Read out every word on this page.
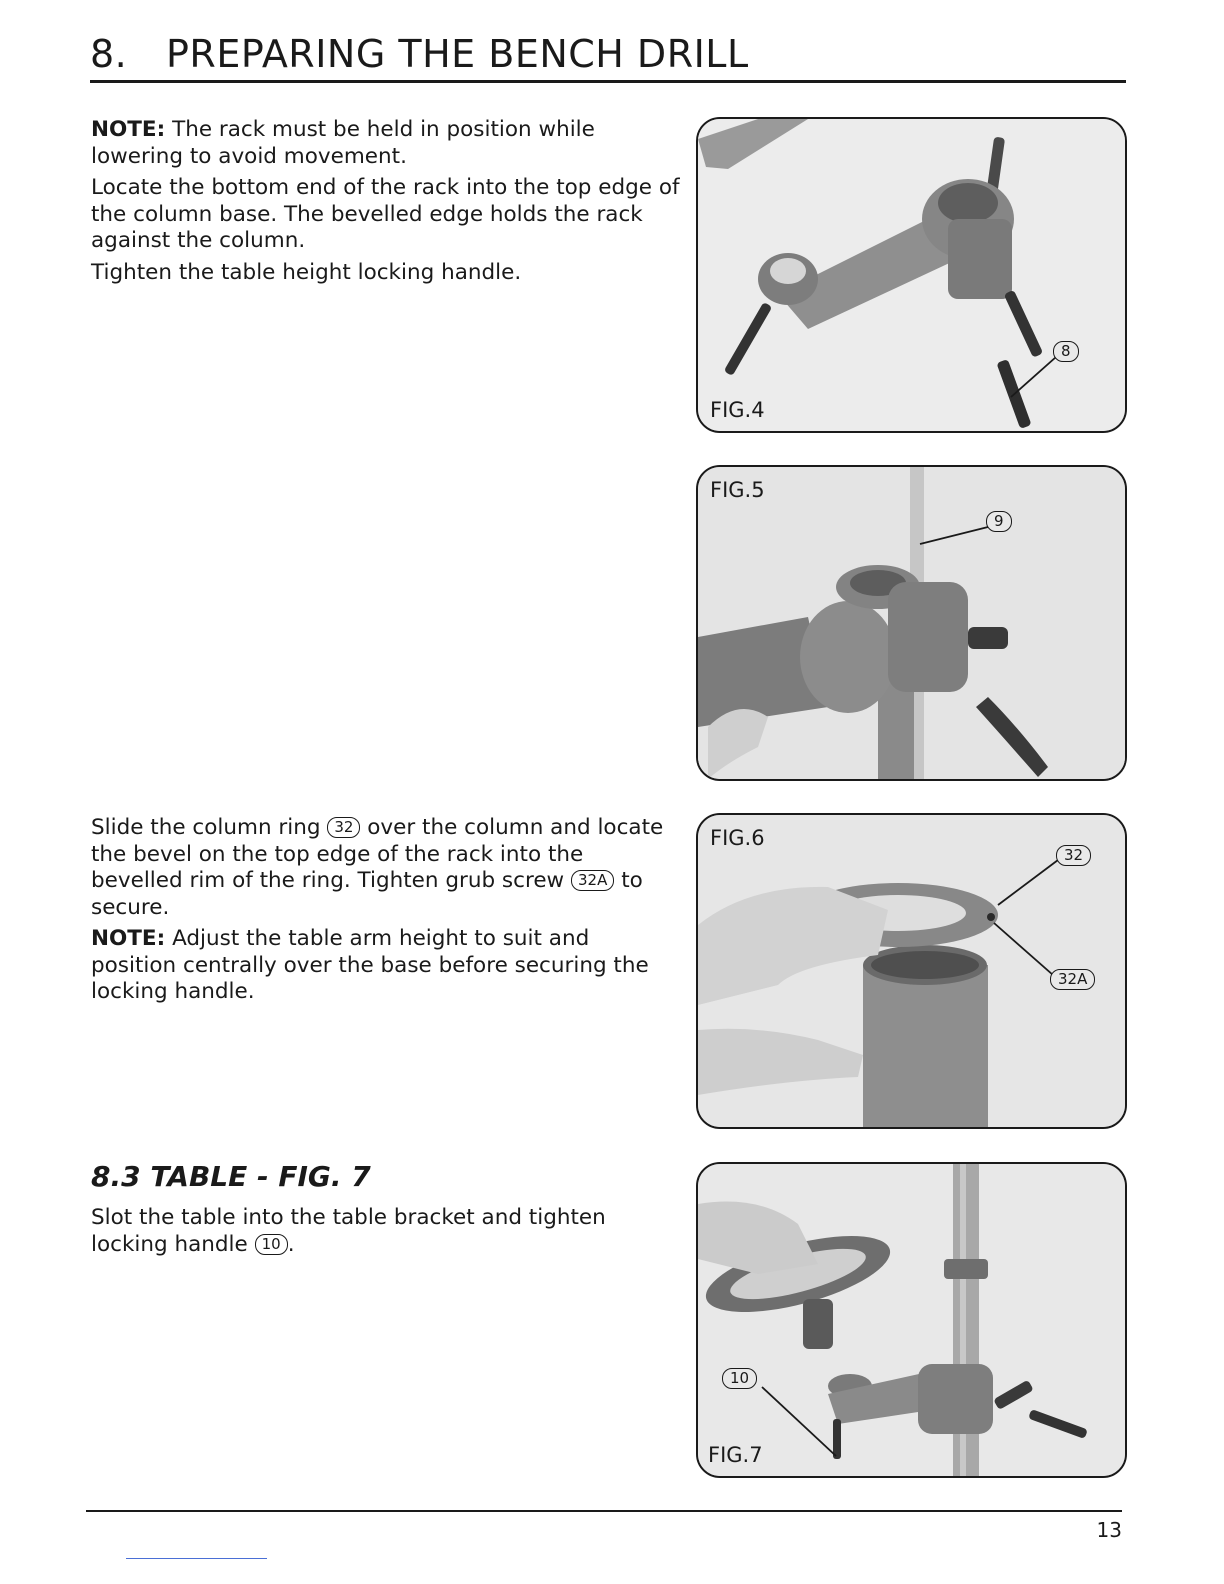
8. PREPARING THE BENCH DRILL

NOTE: The rack must be held in position while lowering to avoid movement.

Locate the bottom end of the rack into the top edge of the column base. The bevelled edge holds the rack against the column.

Tighten the table height locking handle.

Slide the column ring 32 over the column and locate the bevel on the top edge of the rack into the bevelled rim of the ring. Tighten grub screw 32A to secure.

NOTE: Adjust the table arm height to suit and position centrally over the base before securing the locking handle.

8.3 TABLE - FIG. 7

Slot the table into the table bracket and tighten locking handle 10 .

FIG.4
8
FIG.5
9
FIG.6
32
32A
FIG.7
10
13
